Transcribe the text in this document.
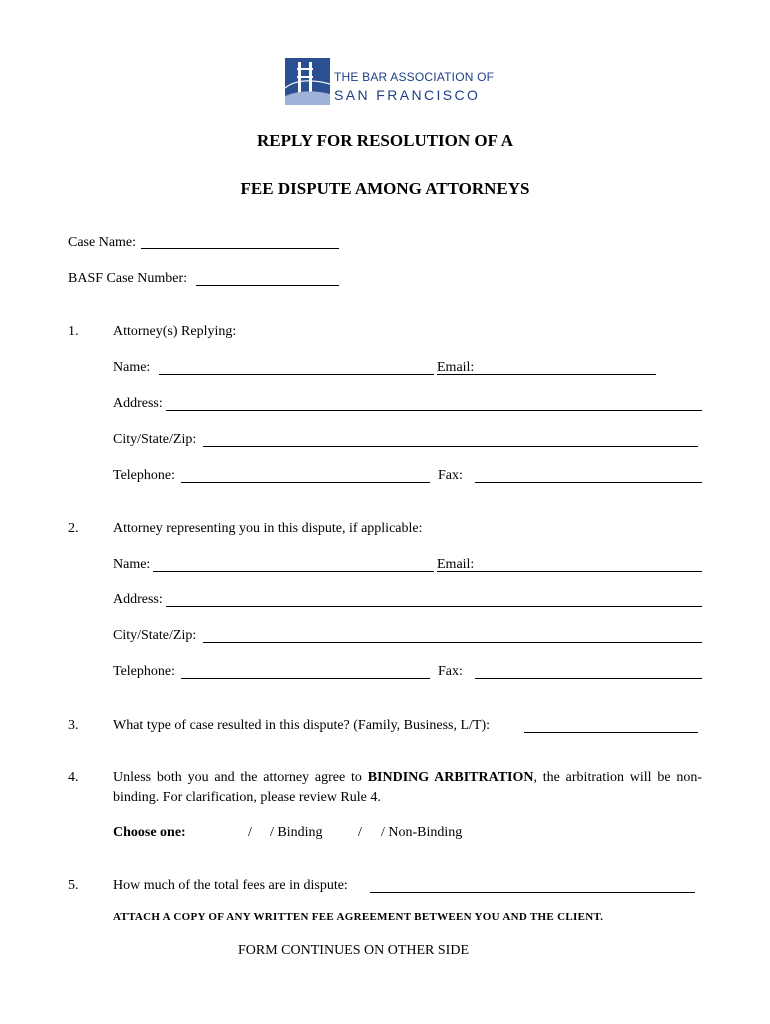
THE BAR ASSOCIATION OF
SAN FRANCISCO
REPLY FOR RESOLUTION OF A
FEE DISPUTE AMONG ATTORNEYS
Case Name:
BASF Case Number:
1. Attorney(s) Replying:
Name:	Email:
Address:
City/State/Zip:
Telephone:	Fax:
2. Attorney representing you in this dispute, if applicable:
Name:	Email:
Address:
City/State/Zip:
Telephone:	Fax:
3. What type of case resulted in this dispute? (Family, Business, L/T):
4. Unless both you and the attorney agree to BINDING ARBITRATION, the arbitration will be non-binding. For clarification, please review Rule 4.
Choose one:	/ / Binding	/ / Non-Binding
5. How much of the total fees are in dispute:
ATTACH A COPY OF ANY WRITTEN FEE AGREEMENT BETWEEN YOU AND THE CLIENT.
FORM CONTINUES ON OTHER SIDE
